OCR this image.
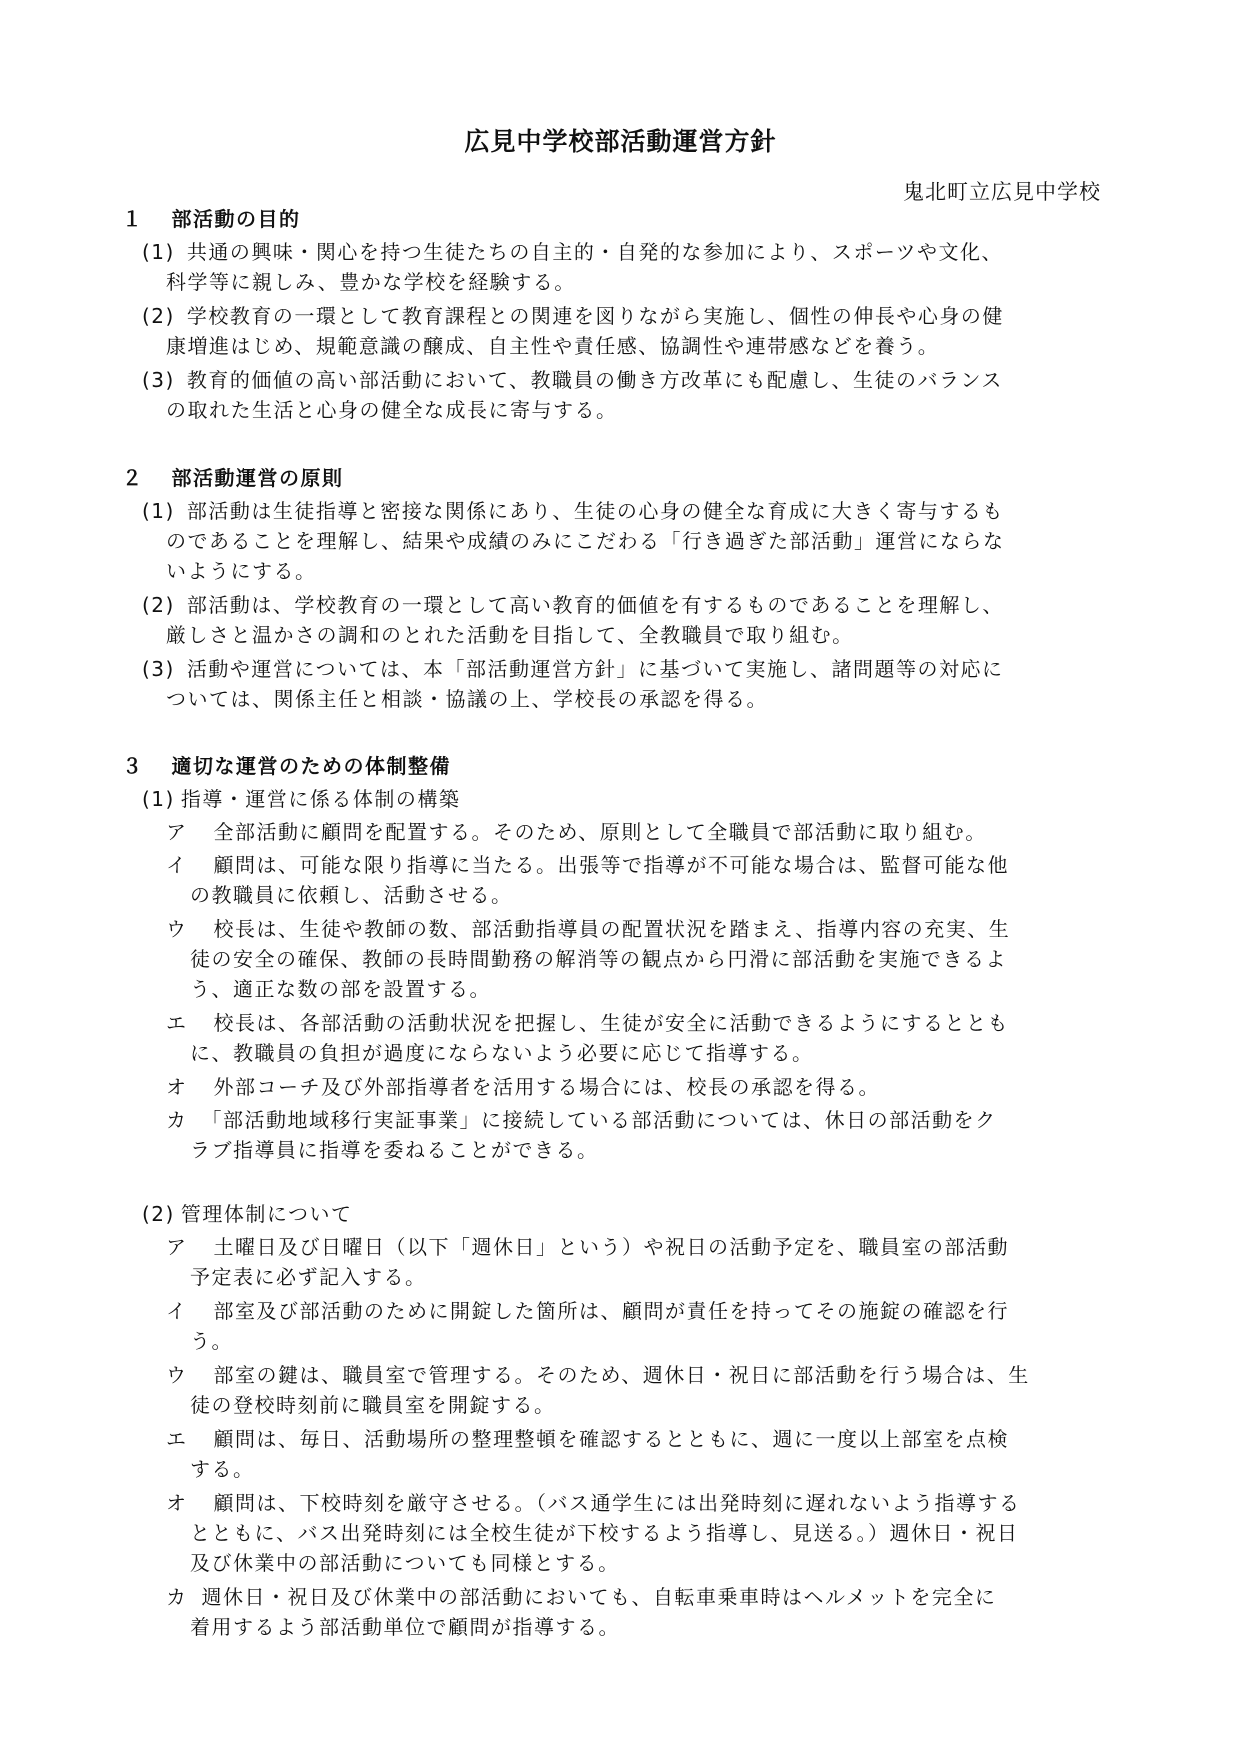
広見中学校部活動運営方針
鬼北町立広見中学校
１ 部活動の目的
(1) 共通の興味・関心を持つ生徒たちの自主的・自発的な参加により、スポーツや文化、
科学等に親しみ、豊かな学校を経験する。
(2) 学校教育の一環として教育課程との関連を図りながら実施し、個性の伸長や心身の健
康増進はじめ、規範意識の醸成、自主性や責任感、協調性や連帯感などを養う。
(3) 教育的価値の高い部活動において、教職員の働き方改革にも配慮し、生徒のバランス
の取れた生活と心身の健全な成長に寄与する。
２ 部活動運営の原則
(1) 部活動は生徒指導と密接な関係にあり、生徒の心身の健全な育成に大きく寄与するも
のであることを理解し、結果や成績のみにこだわる「行き過ぎた部活動」運営にならな
いようにする。
(2) 部活動は、学校教育の一環として高い教育的価値を有するものであることを理解し、
厳しさと温かさの調和のとれた活動を目指して、全教職員で取り組む。
(3) 活動や運営については、本「部活動運営方針」に基づいて実施し、諸問題等の対応に
ついては、関係主任と相談・協議の上、学校長の承認を得る。
３ 適切な運営のための体制整備
(1) 指導・運営に係る体制の構築
ア 全部活動に顧問を配置する。そのため、原則として全職員で部活動に取り組む。
イ 顧問は、可能な限り指導に当たる。出張等で指導が不可能な場合は、監督可能な他
の教職員に依頼し、活動させる。
ウ 校長は、生徒や教師の数、部活動指導員の配置状況を踏まえ、指導内容の充実、生
徒の安全の確保、教師の長時間勤務の解消等の観点から円滑に部活動を実施できるよ
う、適正な数の部を設置する。
エ 校長は、各部活動の活動状況を把握し、生徒が安全に活動できるようにするととも
に、教職員の負担が過度にならないよう必要に応じて指導する。
オ 外部コーチ及び外部指導者を活用する場合には、校長の承認を得る。
カ 「部活動地域移行実証事業」に接続している部活動については、休日の部活動をク
ラブ指導員に指導を委ねることができる。
(2) 管理体制について
ア 土曜日及び日曜日（以下「週休日」という）や祝日の活動予定を、職員室の部活動
予定表に必ず記入する。
イ 部室及び部活動のために開錠した箇所は、顧問が責任を持ってその施錠の確認を行
う。
ウ 部室の鍵は、職員室で管理する。そのため、週休日・祝日に部活動を行う場合は、生
徒の登校時刻前に職員室を開錠する。
エ 顧問は、毎日、活動場所の整理整頓を確認するとともに、週に一度以上部室を点検
する。
オ 顧問は、下校時刻を厳守させる。（バス通学生には出発時刻に遅れないよう指導する
とともに、バス出発時刻には全校生徒が下校するよう指導し、見送る。）週休日・祝日
及び休業中の部活動についても同様とする。
カ 週休日・祝日及び休業中の部活動においても、自転車乗車時はヘルメットを完全に
着用するよう部活動単位で顧問が指導する。
